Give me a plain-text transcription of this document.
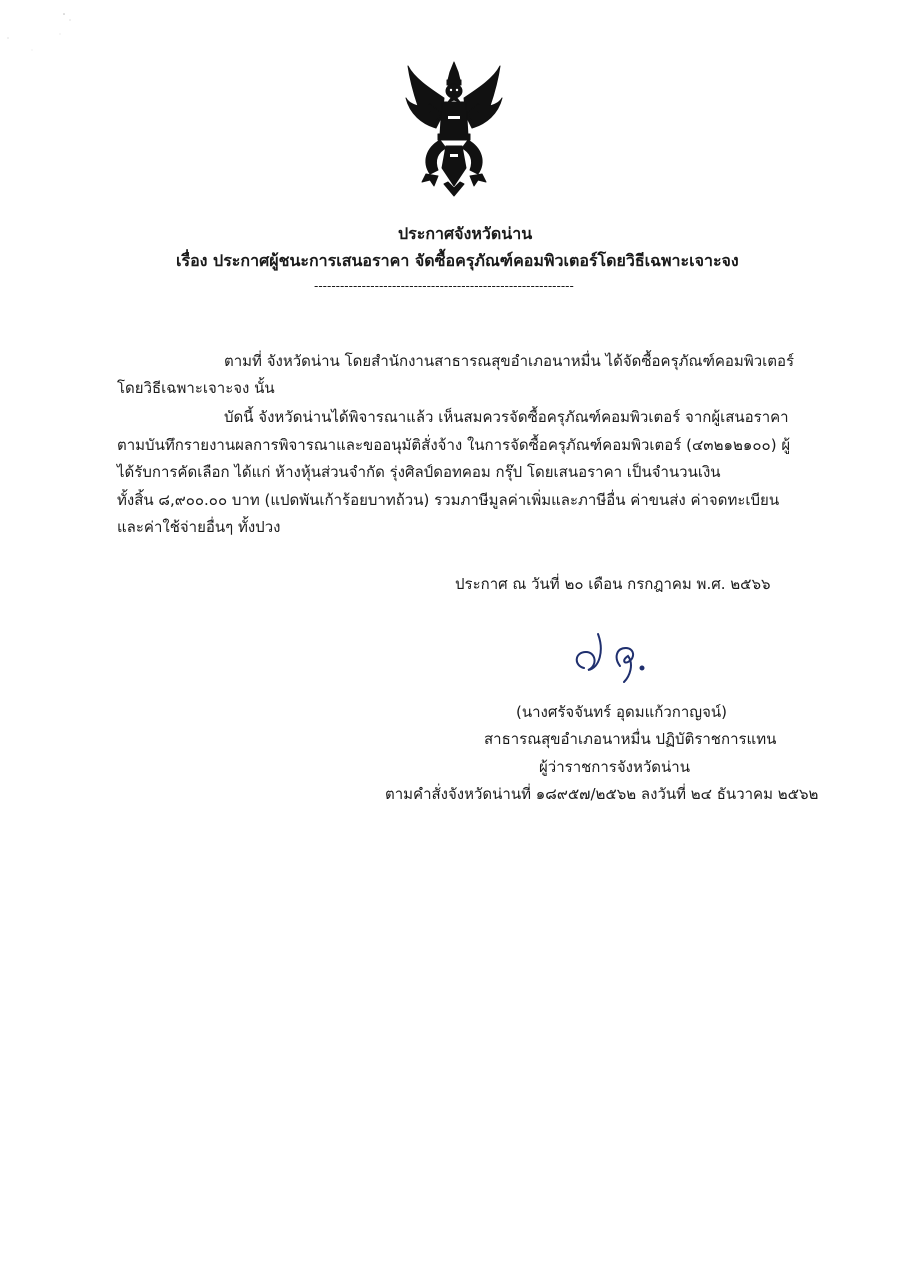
ประกาศจังหวัดน่าน
เรื่อง ประกาศผู้ชนะการเสนอราคา จัดซื้อครุภัณฑ์คอมพิวเตอร์โดยวิธีเฉพาะเจาะจง
------------------------------------------------------------
ตามที่ จังหวัดน่าน โดยสำนักงานสาธารณสุขอำเภอนาหมื่น ได้จัดซื้อครุภัณฑ์คอมพิวเตอร์
โดยวิธีเฉพาะเจาะจง นั้น
บัดนี้ จังหวัดน่านได้พิจารณาแล้ว เห็นสมควรจัดซื้อครุภัณฑ์คอมพิวเตอร์ จากผู้เสนอราคา
ตามบันทึกรายงานผลการพิจารณาและขออนุมัติสั่งจ้าง ในการจัดซื้อครุภัณฑ์คอมพิวเตอร์ (๔๓๒๑๒๑๐๐) ผู้
ได้รับการคัดเลือก ได้แก่ ห้างหุ้นส่วนจำกัด รุ่งศิลป์ดอทคอม กรุ๊ป โดยเสนอราคา เป็นจำนวนเงิน
ทั้งสิ้น ๘,๙๐๐.๐๐ บาท (แปดพันเก้าร้อยบาทถ้วน) รวมภาษีมูลค่าเพิ่มและภาษีอื่น ค่าขนส่ง ค่าจดทะเบียน
และค่าใช้จ่ายอื่นๆ ทั้งปวง
ประกาศ ณ วันที่ ๒๐ เดือน กรกฎาคม พ.ศ. ๒๕๖๖
(นางศรัจจันทร์ อุดมแก้วกาญจน์)
สาธารณสุขอำเภอนาหมื่น ปฏิบัติราชการแทน
ผู้ว่าราชการจังหวัดน่าน
ตามคำสั่งจังหวัดน่านที่ ๑๘๙๕๗/๒๕๖๒ ลงวันที่ ๒๔ ธันวาคม ๒๕๖๒
